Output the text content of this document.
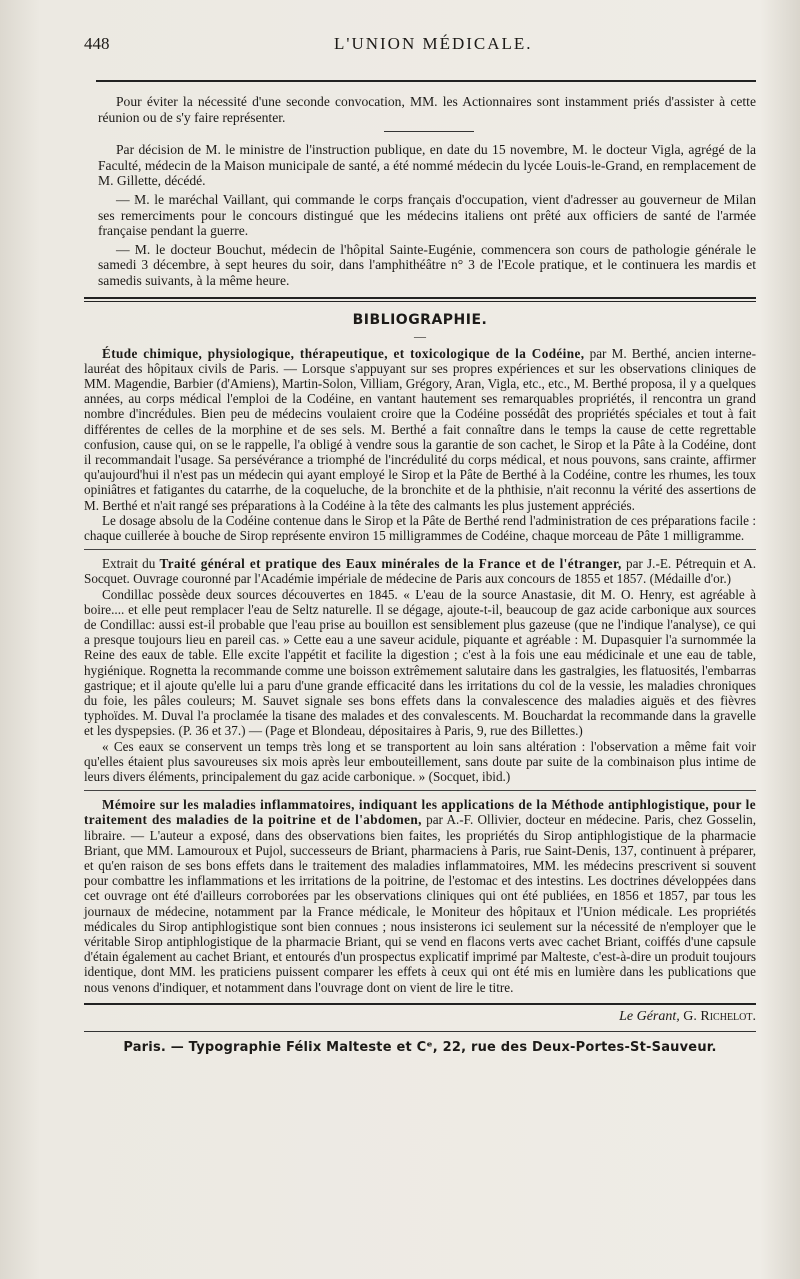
448	L'UNION MÉDICALE.

Pour éviter la nécessité d'une seconde convocation, MM. les Actionnaires sont instamment priés d'assister à cette réunion ou de s'y faire représenter.

Par décision de M. le ministre de l'instruction publique, en date du 15 novembre, M. le docteur Vigla, agrégé de la Faculté, médecin de la Maison municipale de santé, a été nommé médecin du lycée Louis-le-Grand, en remplacement de M. Gillette, décédé.

— M. le maréchal Vaillant, qui commande le corps français d'occupation, vient d'adresser au gouverneur de Milan ses remerciments pour le concours distingué que les médecins italiens ont prêté aux officiers de santé de l'armée française pendant la guerre.

— M. le docteur Bouchut, médecin de l'hôpital Sainte-Eugénie, commencera son cours de pathologie générale le samedi 3 décembre, à sept heures du soir, dans l'amphithéâtre n° 3 de l'Ecole pratique, et le continuera les mardis et samedis suivants, à la même heure.

BIBLIOGRAPHIE.
—

Étude chimique, physiologique, thérapeutique, et toxicologique de la Codéine, par M. Berthé, ancien interne-lauréat des hôpitaux civils de Paris. — Lorsque s'appuyant sur ses propres expériences et sur les observations cliniques de MM. Magendie, Barbier (d'Amiens), Martin-Solon, Villiam, Grégory, Aran, Vigla, etc., etc., M. Berthé proposa, il y a quelques années, au corps médical l'emploi de la Codéine, en vantant hautement ses remarquables propriétés, il rencontra un grand nombre d'incrédules. Bien peu de médecins voulaient croire que la Codéine possédât des propriétés spéciales et tout à fait différentes de celles de la morphine et de ses sels. M. Berthé a fait connaître dans le temps la cause de cette regrettable confusion, cause qui, on se le rappelle, l'a obligé à vendre sous la garantie de son cachet, le Sirop et la Pâte à la Codéine, dont il recommandait l'usage. Sa persévérance a triomphé de l'incrédulité du corps médical, et nous pouvons, sans crainte, affirmer qu'aujourd'hui il n'est pas un médecin qui ayant employé le Sirop et la Pâte de Berthé à la Codéine, contre les rhumes, les toux opiniâtres et fatigantes du catarrhe, de la coqueluche, de la bronchite et de la phthisie, n'ait reconnu la vérité des assertions de M. Berthé et n'ait rangé ses préparations à la Codéine à la tête des calmants les plus justement appréciés.

Le dosage absolu de la Codéine contenue dans le Sirop et la Pâte de Berthé rend l'administration de ces préparations facile : chaque cuillerée à bouche de Sirop représente environ 15 milligrammes de Codéine, chaque morceau de Pâte 1 milligramme.

Extrait du Traité général et pratique des Eaux minérales de la France et de l'étranger, par J.-E. Pétrequin et A. Socquet. Ouvrage couronné par l'Académie impériale de médecine de Paris aux concours de 1855 et 1857. (Médaille d'or.)

Condillac possède deux sources découvertes en 1845. « L'eau de la source Anastasie, dit M. O. Henry, est agréable à boire.... et elle peut remplacer l'eau de Seltz naturelle. Il se dégage, ajoute-t-il, beaucoup de gaz acide carbonique aux sources de Condillac: aussi est-il probable que l'eau prise au bouillon est sensiblement plus gazeuse (que ne l'indique l'analyse), ce qui a presque toujours lieu en pareil cas. » Cette eau a une saveur acidule, piquante et agréable : M. Dupasquier l'a surnommée la Reine des eaux de table. Elle excite l'appétit et facilite la digestion ; c'est à la fois une eau médicinale et une eau de table, hygiénique. Rognetta la recommande comme une boisson extrêmement salutaire dans les gastralgies, les flatuosités, l'embarras gastrique; et il ajoute qu'elle lui a paru d'une grande efficacité dans les irritations du col de la vessie, les maladies chroniques du foie, les pâles couleurs; M. Sauvet signale ses bons effets dans la convalescence des maladies aiguës et des fièvres typhoïdes. M. Duval l'a proclamée la tisane des malades et des convalescents. M. Bouchardat la recommande dans la gravelle et les dyspepsies. (P. 36 et 37.) — (Page et Blondeau, dépositaires à Paris, 9, rue des Billettes.)

« Ces eaux se conservent un temps très long et se transportent au loin sans altération : l'observation a même fait voir qu'elles étaient plus savoureuses six mois après leur embouteillement, sans doute par suite de la combinaison plus intime de leurs divers éléments, principalement du gaz acide carbonique. » (Socquet, ibid.)

Mémoire sur les maladies inflammatoires, indiquant les applications de la Méthode antiphlogistique, pour le traitement des maladies de la poitrine et de l'abdomen, par A.-F. Ollivier, docteur en médecine. Paris, chez Gosselin, libraire. — L'auteur a exposé, dans des observations bien faites, les propriétés du Sirop antiphlogistique de la pharmacie Briant, que MM. Lamouroux et Pujol, successeurs de Briant, pharmaciens à Paris, rue Saint-Denis, 137, continuent à préparer, et qu'en raison de ses bons effets dans le traitement des maladies inflammatoires, MM. les médecins prescrivent si souvent pour combattre les inflammations et les irritations de la poitrine, de l'estomac et des intestins. Les doctrines développées dans cet ouvrage ont été d'ailleurs corroborées par les observations cliniques qui ont été publiées, en 1856 et 1857, par tous les journaux de médecine, notamment par la France médicale, le Moniteur des hôpitaux et l'Union médicale. Les propriétés médicales du Sirop antiphlogistique sont bien connues ; nous insisterons ici seulement sur la nécessité de n'employer que le véritable Sirop antiphlogistique de la pharmacie Briant, qui se vend en flacons verts avec cachet Briant, coiffés d'une capsule d'étain également au cachet Briant, et entourés d'un prospectus explicatif imprimé par Malteste, c'est-à-dire un produit toujours identique, dont MM. les praticiens puissent comparer les effets à ceux qui ont été mis en lumière dans les publications que nous venons d'indiquer, et notamment dans l'ouvrage dont on vient de lire le titre.

Le Gérant, G. Richelot.
Paris. — Typographie Félix Malteste et Cᵉ, 22, rue des Deux-Portes-St-Sauveur.
